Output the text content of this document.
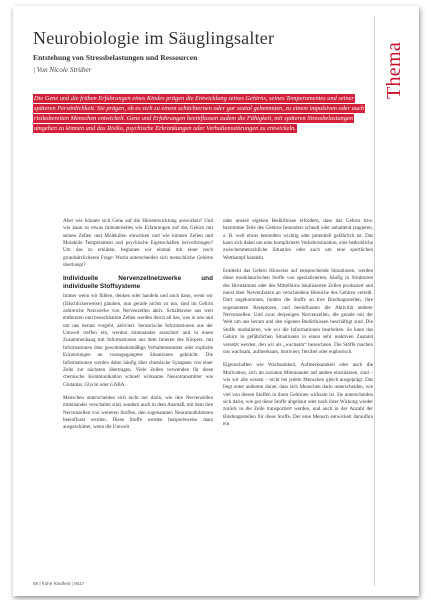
Thema
Neurobiologie im Säuglingsalter
Entstehung von Stressbelastungen und Ressourcen
| Von Nicole Strüber
Die Gene und die frühen Erfahrungen eines Kindes prägen die Entwicklung seines Gehirns, seines Temperamentes und seiner späteren Persönlichkeit. Sie prägen, ob es sich zu einem schüchternen oder gar sozial gehemmten, zu einem impulsiven oder auch risikobereiten Menschen entwickelt. Gene und Erfahrungen beeinflussen zudem die Fähigkeit, mit späteren Stressbelastungen umgehen zu können und das Risiko, psychische Erkrankungen oder Verhaltensstörungen zu entwickeln.

Aber wie können sich Gene auf die Hirnentwicklung auswirken? Und wie kann so etwas Immaterielles wie Erfahrungen auf das Gehirn mit seinen Zellen und Molekülen einwirken und wie können Zellen und Moleküle Temperament und psychische Eigenschaften hervorbringen? Um das zu erklären, beginnen wir einmal mit einer noch grundsätzlicheren Frage: Worin unterscheiden sich menschliche Gehirne überhaupt?

Individuelle Nervenzellnetzwerke und individuelle Stoffsysteme

Immer wenn wir fühlen, denken oder handeln und auch dann, wenn wir (fälschlicherweise) glauben, nun gerade nichts zu tun, sind im Gehirn zahlreiche Netzwerke von Nervenzellen aktiv. Schaltkreise aus weit entfernten und benachbarten Zellen werden durch all das, was in uns und um uns herum vorgeht, aktiviert. Sensorische Informationen aus der Umwelt treffen ein, werden miteinander assoziiert und in einen Zusammenhang mit Informationen aus dem Inneren des Körpers, mit Informationen über gewohnheitsmäßige Verhaltensmuster oder explizite Erinnerungen an vorangegangene Situationen gebracht. Die Informationen werden dabei häufig über chemische Synapsen von einer Zelle zur nächsten übertragen. Viele Zellen verwenden für diese chemische Kommunikation schnell wirksame Neurotransmitter wie Glutamat, Glycin oder GABA.

Menschen unterscheiden sich nicht nur darin, wie ihre Nervenzellen miteinander verschaltet sind, sondern auch in dem Ausmaß, mit dem ihre Nervenzellen von weiteren Stoffen, den sogenannten Neuromodulatoren beeinflusst werden. Diese Stoffe werden beispielsweise dann ausgeschüttet, wenn die Umwelt

oder unsere eigenen Bedürfnisse erfordern, dass das Gehirn bzw. bestimmte Teile des Gehirns besonders schnell oder anhaltend reagieren, z. B. weil etwas besonders wichtig oder potentiell gefährlich ist. Das kann sich dabei um eine komplizierte Verkehrssituation, eine bedrohliche zwischenmenschliche Situation oder auch um eine sportlichen Wettkampf handeln.

Entdeckt das Gehirn Hinweise auf entsprechende Situationen, werden diese modulatorischen Stoffe von spezialisierten, häufig in Strukturen des Hirnstamms oder des Mittelhirns lokalisierten Zellen produziert und meist über Nervenfasern an verschiedene Bereiche des Gehirns verteilt. Dort angekommen, binden die Stoffe an ihre Bindungsstellen, ihre sogenannten Rezeptoren, und beeinflussen die Aktivität anderer Nervenzellen. Und zwar derjenigen Nervenzellen, die gerade mit der Welt um uns herum und den eigenen Bedürfnissen beschäftigt sind. Die Stoffe modulieren, wie wir die Informationen bearbeiten. So kann das Gehirn in gefährlichen Situationen in einen sehr reaktiven Zustand versetzt werden, den wir als „wachsam“ bezeichnen. Die Stoffe machen uns wachsam, aufmerksam, motiviert, flexibel oder euphorisch.

Eigenschaften wie Wachsamkeit, Aufmerksamkeit oder auch die Motivation, sich im sozialen Miteinander auf andere einzulassen, sind – wie wir alle wissen – nicht bei jedem Menschen gleich ausgeprägt. Das liegt unter anderem daran, dass sich Menschen darin unterscheiden, wie viel von diesen Stoffen in ihren Gehirnen wirksam ist. Sie unterscheiden sich darin, wie gut diese Stoffe abgebaut oder nach ihrer Wirkung wieder zurück in die Zelle transportiert werden, und auch in der Anzahl der Bindungsstellen für diese Stoffe. Der eine Mensch entwickelt daraufhin ein

58 | frühe Kindheit | 0617
